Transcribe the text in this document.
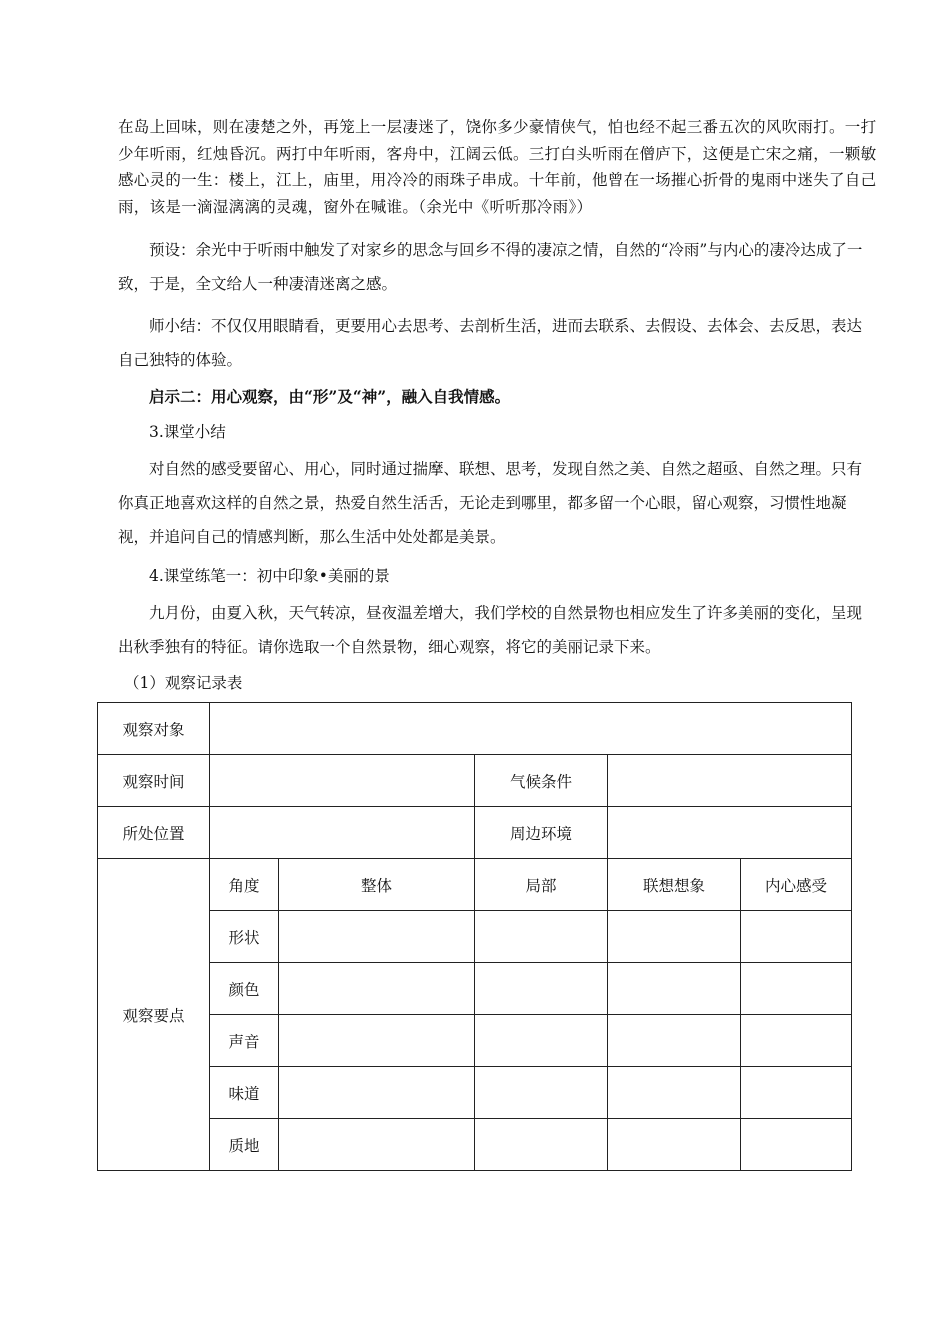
在岛上回味，则在凄楚之外，再笼上一层凄迷了，饶你多少豪情侠气，怕也经不起三番五次的风吹雨打。一打

少年听雨，红烛昏沉。两打中年听雨，客舟中，江阔云低。三打白头听雨在僧庐下，这便是亡宋之痛，一颗敏

感心灵的一生：楼上，江上，庙里，用冷冷的雨珠子串成。十年前，他曾在一场摧心折骨的鬼雨中迷失了自己

雨，该是一滴湿漓漓的灵魂，窗外在喊谁。（余光中《听听那冷雨》）

预设：余光中于听雨中触发了对家乡的思念与回乡不得的凄凉之情，自然的“冷雨”与内心的凄冷达成了一致，于是，全文给人一种凄清迷离之感。

师小结：不仅仅用眼睛看，更要用心去思考、去剖析生活，进而去联系、去假设、去体会、去反思，表达自己独特的体验。

启示二：用心观察，由“形”及“神”，融入自我情感。

3.课堂小结

对自然的感受要留心、用心，同时通过揣摩、联想、思考，发现自然之美、自然之超亟、自然之理。只有你真正地喜欢这样的自然之景，热爱自然生活舌，无论走到哪里，都多留一个心眼，留心观察，习惯性地凝视，并追问自己的情感判断，那么生活中处处都是美景。

4.课堂练笔一：初中印象•美丽的景

九月份，由夏入秋，天气转凉，昼夜温差增大，我们学校的自然景物也相应发生了许多美丽的变化，呈现出秋季独有的特征。请你选取一个自然景物，细心观察，将它的美丽记录下来。

（1）观察记录表
观察对象					
观察时间			气候条件		
所处位置			周边环境		
观察要点	角度	整体	局部	联想想象	内心感受
	形状				
	颜色				
	声音				
	味道				
	质地				
